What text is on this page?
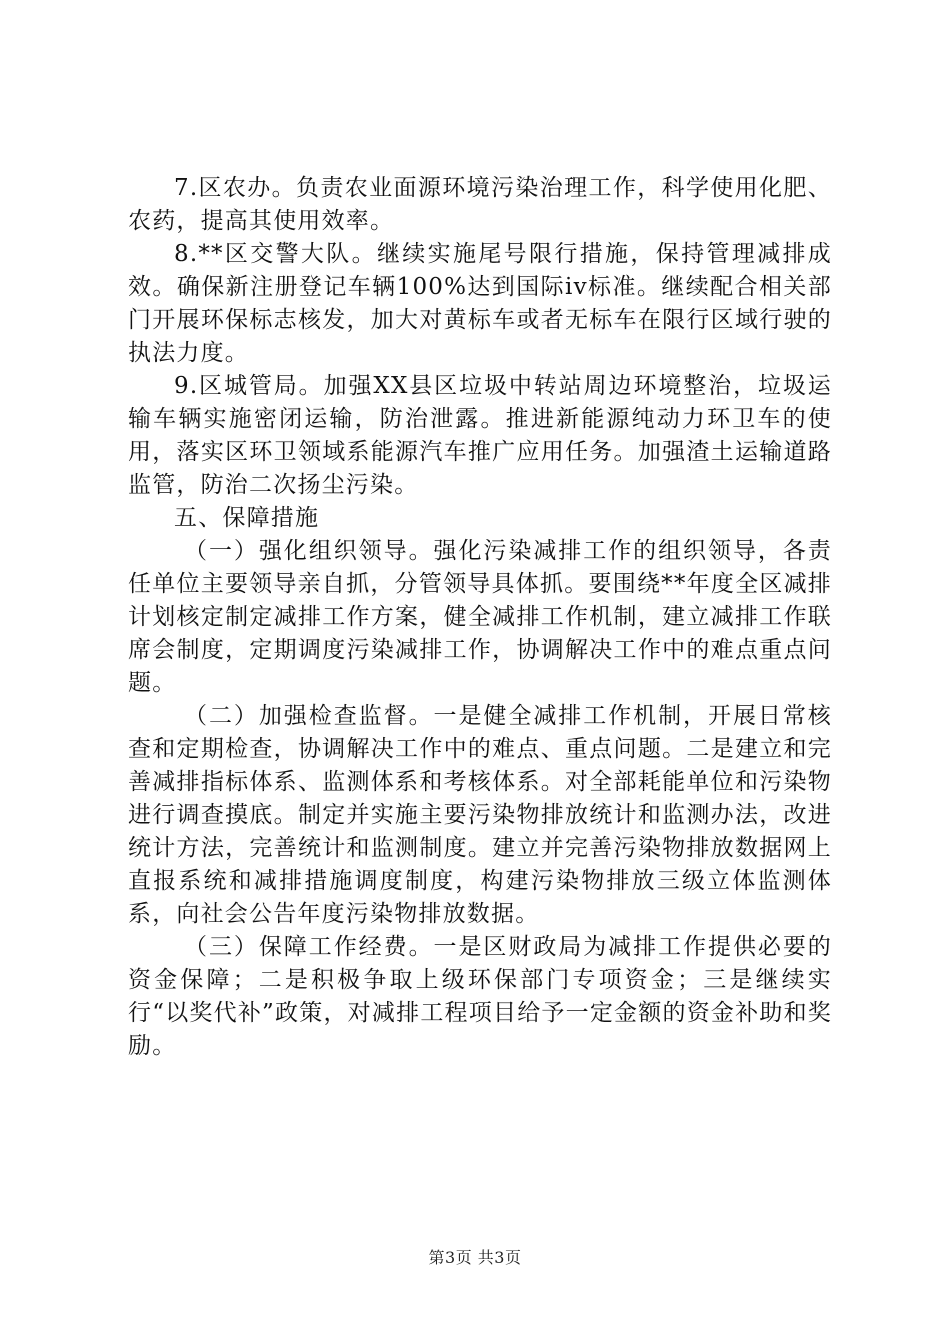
7.区农办。负责农业面源环境污染治理工作，科学使用化肥、农药，提高其使用效率。

8.**区交警大队。继续实施尾号限行措施，保持管理减排成效。确保新注册登记车辆100%达到国际iv标准。继续配合相关部门开展环保标志核发，加大对黄标车或者无标车在限行区域行驶的执法力度。

9.区城管局。加强XX县区垃圾中转站周边环境整治，垃圾运输车辆实施密闭运输，防治泄露。推进新能源纯动力环卫车的使用，落实区环卫领域系能源汽车推广应用任务。加强渣土运输道路监管，防治二次扬尘污染。

五、保障措施

（一）强化组织领导。强化污染减排工作的组织领导，各责任单位主要领导亲自抓，分管领导具体抓。要围绕**年度全区减排计划核定制定减排工作方案，健全减排工作机制，建立减排工作联席会制度，定期调度污染减排工作，协调解决工作中的难点重点问题。

（二）加强检查监督。一是健全减排工作机制，开展日常核查和定期检查，协调解决工作中的难点、重点问题。二是建立和完善减排指标体系、监测体系和考核体系。对全部耗能单位和污染物进行调查摸底。制定并实施主要污染物排放统计和监测办法，改进统计方法，完善统计和监测制度。建立并完善污染物排放数据网上直报系统和减排措施调度制度，构建污染物排放三级立体监测体系，向社会公告年度污染物排放数据。

（三）保障工作经费。一是区财政局为减排工作提供必要的资金保障；二是积极争取上级环保部门专项资金；三是继续实行“以奖代补”政策，对减排工程项目给予一定金额的资金补助和奖励。

第3页 共3页
